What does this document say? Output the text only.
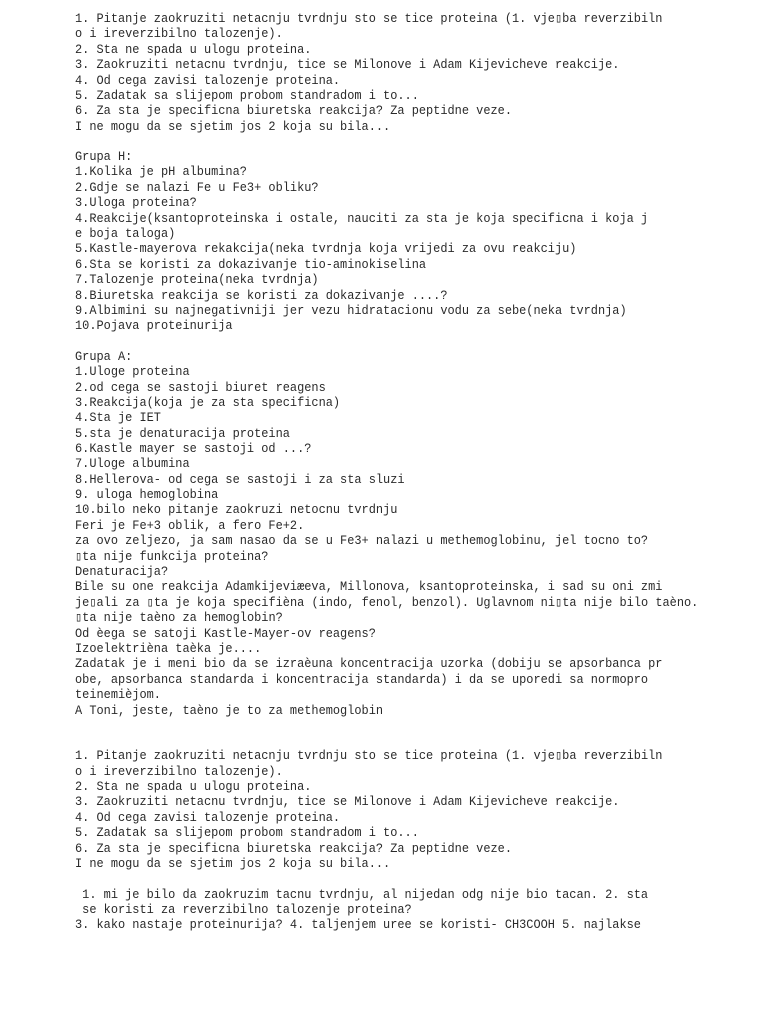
1. Pitanje zaokruziti netacnju tvrdnju sto se tice proteina (1. vje▯ba reverzibiln

o i ireverzibilno talozenje).

2. Sta ne spada u ulogu proteina.

3. Zaokruziti netacnu tvrdnju, tice se Milonove i Adam Kijevicheve reakcije.

4. Od cega zavisi talozenje proteina.

5. Zadatak sa slijepom probom standradom i to...

6. Za sta je specificna biuretska reakcija? Za peptidne veze.

I ne mogu da se sjetim jos 2 koja su bila...

Grupa H:

1.Kolika je pH albumina?

2.Gdje se nalazi Fe u Fe3+ obliku?

3.Uloga proteina?

4.Reakcije(ksantoproteinska i ostale, nauciti za sta je koja specificna i koja j

e boja taloga)

5.Kastle-mayerova rekakcija(neka tvrdnja koja vrijedi za ovu reakciju)

6.Sta se koristi za dokazivanje tio-aminokiselina

7.Talozenje proteina(neka tvrdnja)

8.Biuretska reakcija se koristi za dokazivanje ....?

9.Albimini su najnegativniji jer vezu hidratacionu vodu za sebe(neka tvrdnja)

10.Pojava proteinurija

Grupa A:

1.Uloge proteina

2.od cega se sastoji biuret reagens

3.Reakcija(koja je za sta specificna)

4.Sta je IET

5.sta je denaturacija proteina

6.Kastle mayer se sastoji od ...?

7.Uloge albumina

8.Hellerova- od cega se sastoji i za sta sluzi

9. uloga hemoglobina

10.bilo neko pitanje zaokruzi netocnu tvrdnju

Feri je Fe+3 oblik, a fero Fe+2.

za ovo zeljezo, ja sam nasao da se u Fe3+ nalazi u methemoglobinu, jel tocno to?

▯ta nije funkcija proteina?

Denaturacija?

Bile su one reakcija Adamkijeviæeva, Millonova, ksantoproteinska, i sad su oni zmi

je▯ali za ▯ta je koja specifièna (indo, fenol, benzol). Uglavnom ni▯ta nije bilo taèno.

▯ta nije taèno za hemoglobin?

Od èega se satoji Kastle-Mayer-ov reagens?

Izoelektrièna taèka je....

Zadatak je i meni bio da se izraèuna koncentracija uzorka (dobiju se apsorbanca pr

obe, apsorbanca standarda i koncentracija standarda) i da se uporedi sa normopro

teinemièjom.

A Toni, jeste, taèno je to za methemoglobin

1. Pitanje zaokruziti netacnju tvrdnju sto se tice proteina (1. vje▯ba reverzibiln

o i ireverzibilno talozenje).

2. Sta ne spada u ulogu proteina.

3. Zaokruziti netacnu tvrdnju, tice se Milonove i Adam Kijevicheve reakcije.

4. Od cega zavisi talozenje proteina.

5. Zadatak sa slijepom probom standradom i to...

6. Za sta je specificna biuretska reakcija? Za peptidne veze.

I ne mogu da se sjetim jos 2 koja su bila...

1. mi je bilo da zaokruzim tacnu tvrdnju, al nijedan odg nije bio tacan. 2. sta

se koristi za reverzibilno talozenje proteina?

3. kako nastaje proteinurija? 4. taljenjem uree se koristi- CH3COOH 5. najlakse
